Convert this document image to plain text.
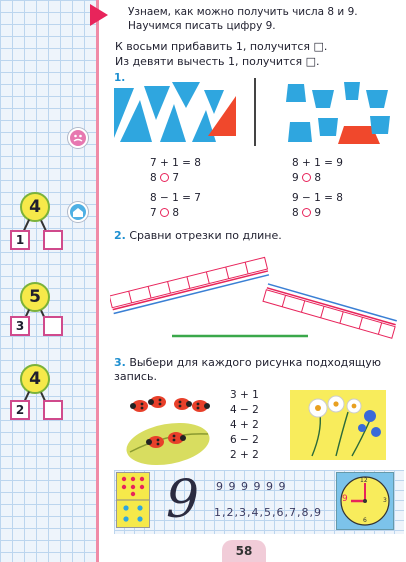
Узнаем, как можно получить числа 8 и 9.
Научимся писать цифру 9.
К восьми прибавить 1, получится □.
Из девяти вычесть 1, получится □.
1.
7 + 1 = 8
8 7
8 − 1 = 7
7 8
8 + 1 = 9
9 8
9 − 1 = 8
8 9
2. Сравни отрезки по длине.
3. Выбери для каждого рисунка подходящую запись.
3 + 1
4 − 2
4 + 2
6 − 2
2 + 2
9 9 9 9 9 9 9
1,2,3,4,5,6,7,8,9
12
3
6
9
4
1
5
3
4
2
58
